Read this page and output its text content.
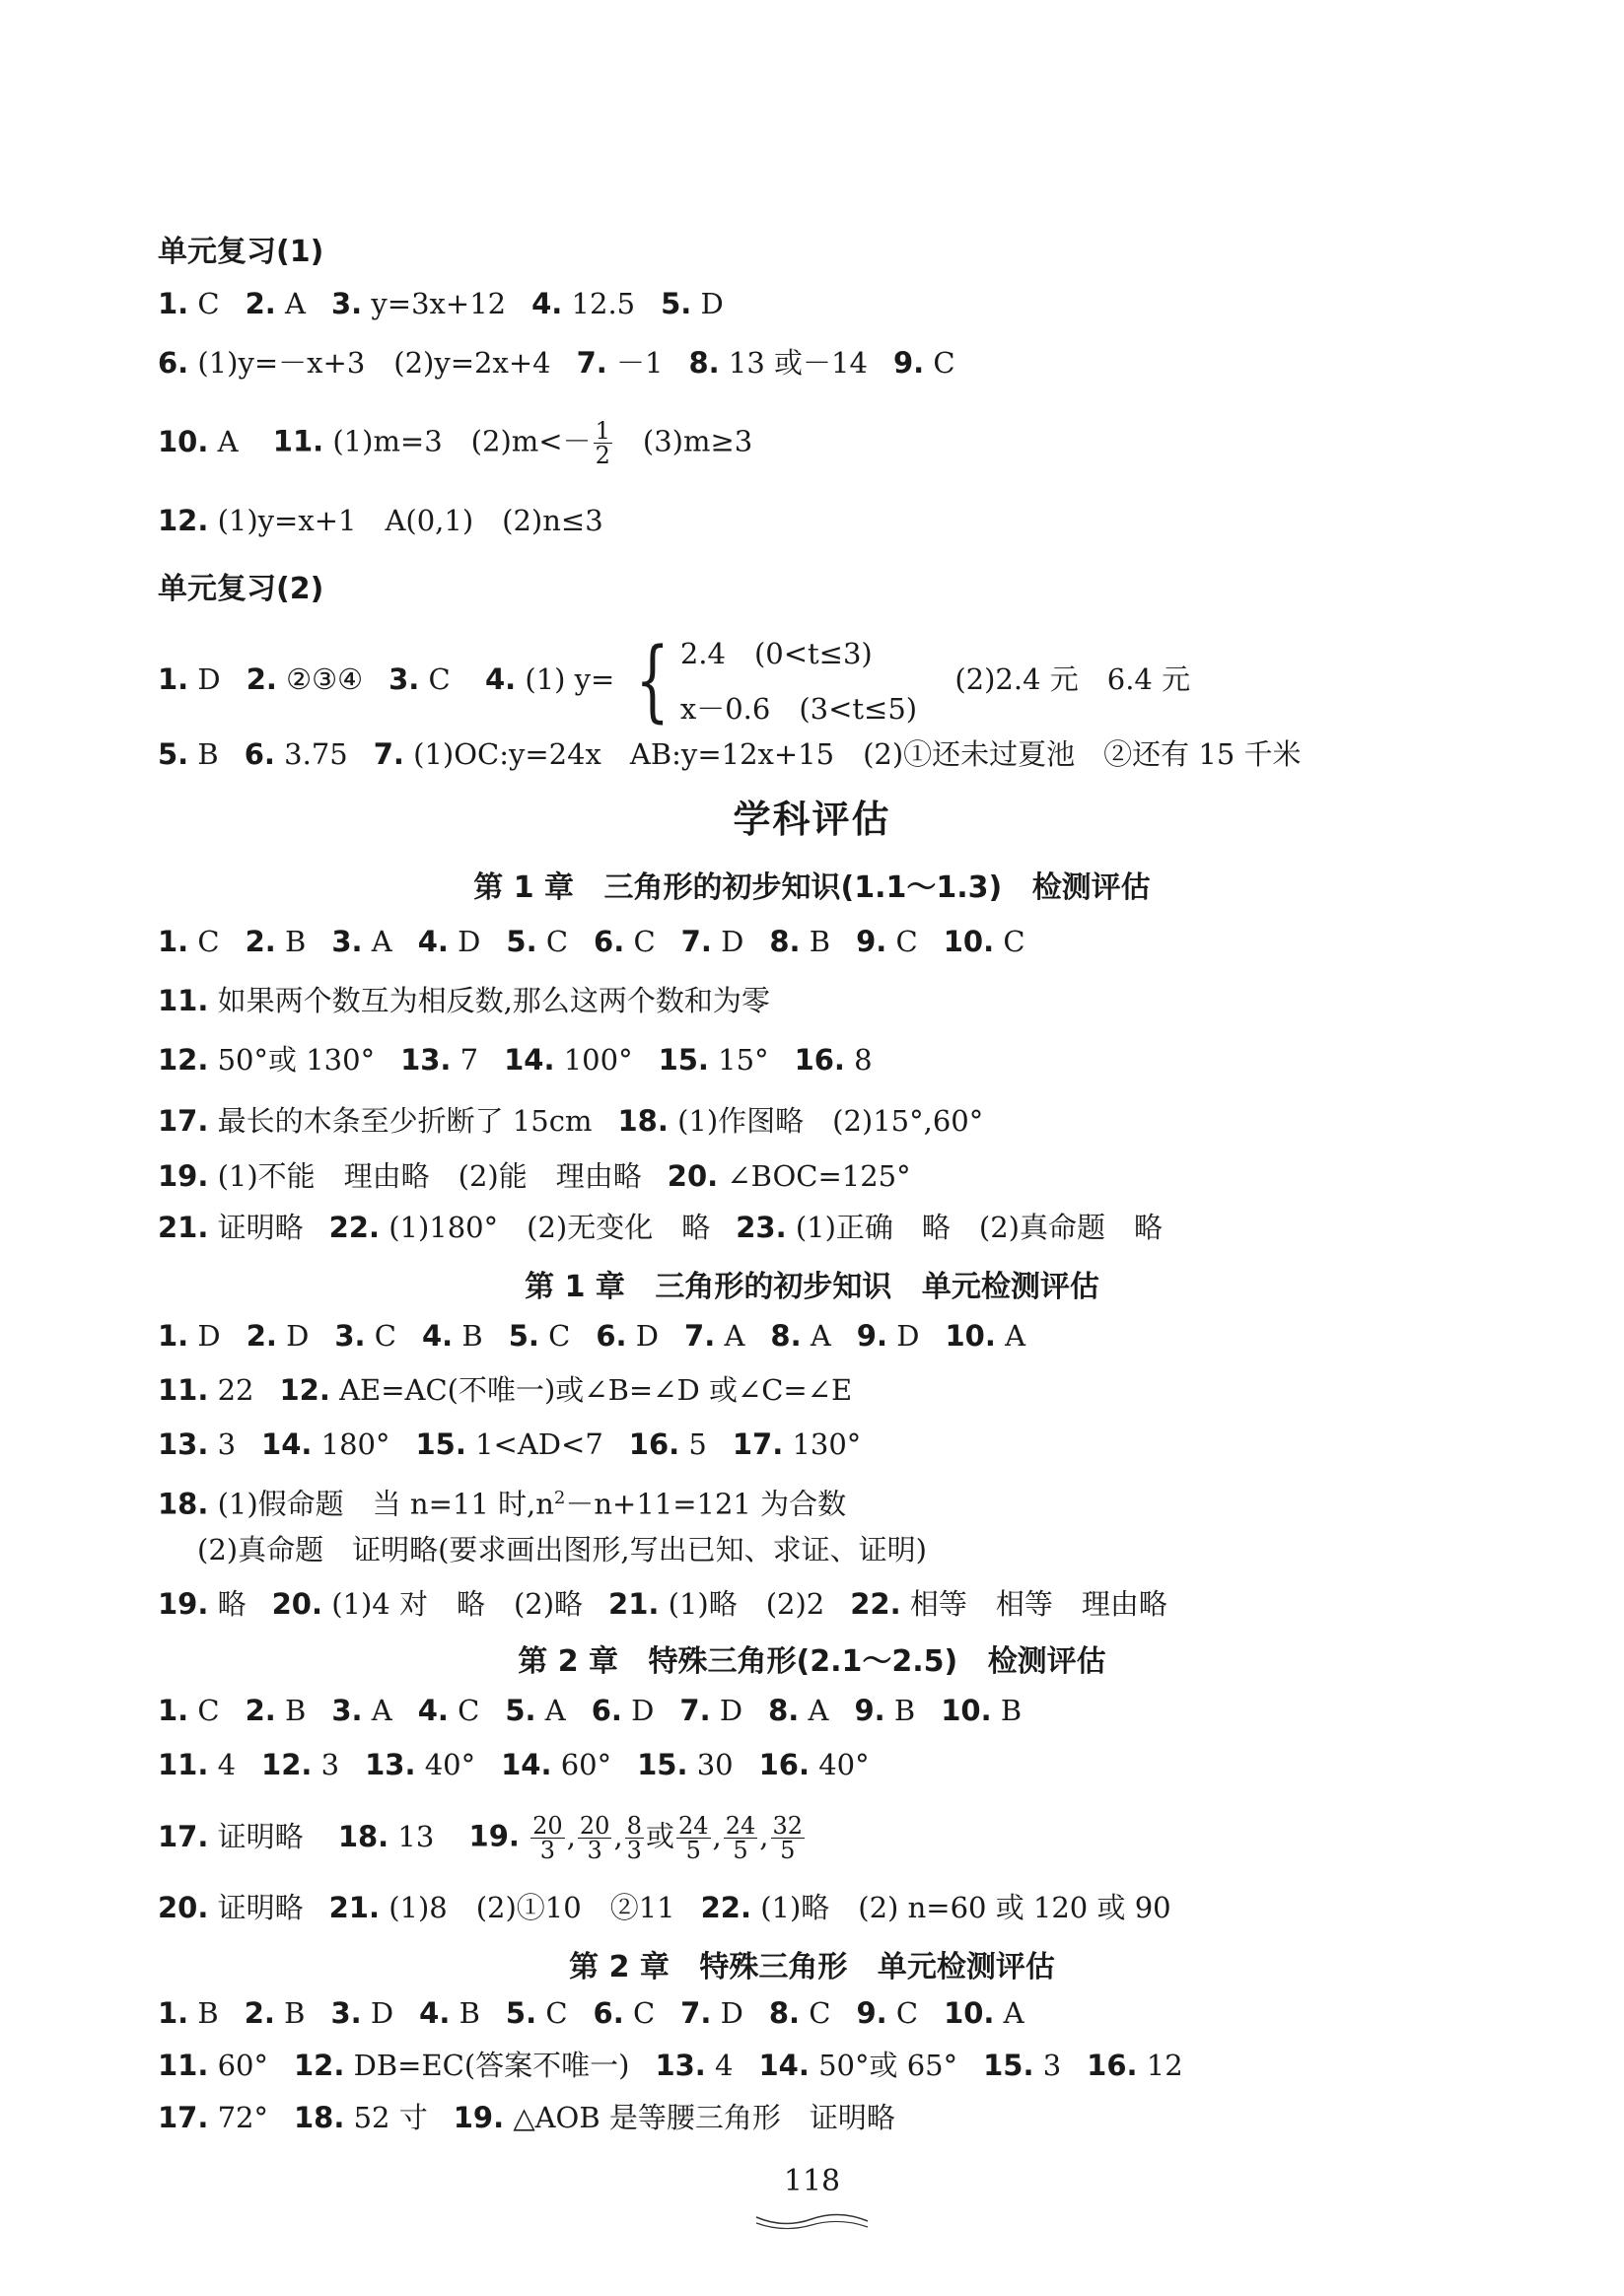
单元复习(1)
1. C 2. A 3. y=3x+12 4. 12.5 5. D
6. (1)y=－x+3　(2)y=2x+4 7. －1 8. 13 或－14 9. C
10. A 11. (1)m=3　$(2)m<- \frac{1}{2}$
　 (3)m≥3
12. (1)y=x+1　A(0,1)　(2)n≤3
单元复习(2)
1. D 2. ②③④ 3. C 4. (1) y= { 2.4　(0<t≤3)
x－0.6　(3<t≤5)
　(2)2.4 元　6.4 元
5. B 6. 3.75 7. (1)OC:y=24x　AB:y=12x+15　(2)①还未过夏池　②还有 15 千米
学科评估
第 1 章 三角形的初步知识(1.1～1.3) 检测评估
1. C 2. B 3. A 4. D 5. C 6. C 7. D 8. B 9. C 10. C
11. 如果两个数互为相反数,那么这两个数和为零
12. 50°或 130° 13. 7 14. 100° 15. 15° 16. 8
17. 最长的木条至少折断了 15cm 18. (1)作图略　(2)15°,60°
19. (1)不能　理由略　(2)能　理由略 20. ∠BOC=125°
21. 证明略 22. (1)180°　(2)无变化　略 23. (1)正确　略　(2)真命题　略
第 1 章 三角形的初步知识 单元检测评估
1. D 2. D 3. C 4. B 5. C 6. D 7. A 8. A 9. D 10. A
11. 22 12. AE=AC(不唯一)或∠B=∠D 或∠C=∠E
13. 3 14. 180° 15. 1<AD<7 16. 5 17. 130°
18. (1)假命题　当 n=11 时$,n^2-n+11=121$ 为合数
(2)真命题　证明略(要求画出图形,写出已知、求证、证明)
19. 略 20. (1)4 对　略　(2)略 21. (1)略　(2)2 22. 相等　相等　理由略
第 2 章 特殊三角形(2.1～2.5) 检测评估
1. C 2. B 3. A 4. C 5. A 6. D 7. D 8. A 9. B 10. B
11. 4 12. 3 13. 40° 14. 60° 15. 30 16. 40°
17. 证明略 18. 13 19. $\frac{20}{3}$ , $\frac{20}{3}$ , $\frac{8}{3}$ 或 $\frac{24}{5}$ , $\frac{24}{5}$ , $\frac{32}{5}$
20. 证明略 21. (1)8　(2)①10　②11 22. (1)略　(2) n=60 或 120 或 90
第 2 章 特殊三角形 单元检测评估
1. B 2. B 3. D 4. B 5. C 6. C 7. D 8. C 9. C 10. A
11. 60° 12. DB=EC(答案不唯一) 13. 4 14. 50°或 65° 15. 3 16. 12
17. 72° 18. 52 寸 19. △AOB 是等腰三角形　证明略
118
